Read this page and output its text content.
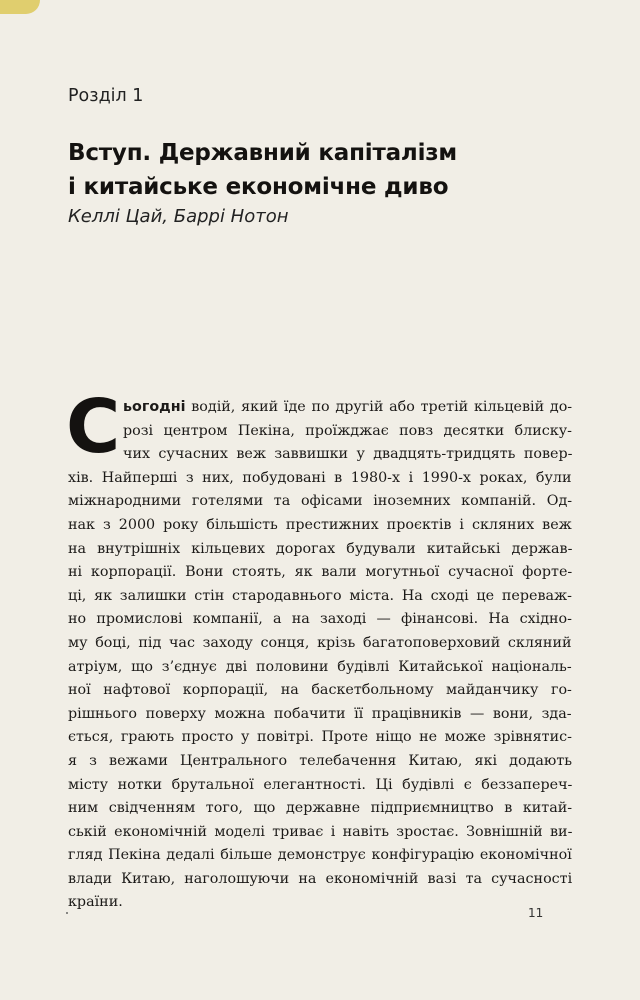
Розділ 1
Вступ. Державний капіталізм
і китайське економічне диво
Келлі Цай, Баррі Нотон
С ьогодні водій, який їде по другій або третій кільцевій до-
розі центром Пекіна, проїжджає повз десятки блиску-
чих сучасних веж заввишки у двадцять-тридцять повер-
хів. Найперші з них, побудовані в 1980-х і 1990-х роках, були
міжнародними готелями та офісами іноземних компаній. Од-
нак з 2000 року більшість престижних проєктів і скляних веж
на внутрішніх кільцевих дорогах будували китайські держав-
ні корпорації. Вони стоять, як вали могутньої сучасної форте-
ці, як залишки стін стародавнього міста. На сході це переваж-
но промислові компанії, а на заході — фінансові. На східно-
му боці, під час заходу сонця, крізь багатоповерховий скляний
атріум, що з’єднує дві половини будівлі Китайської національ-
ної нафтової корпорації, на баскетбольному майданчику го-
рішнього поверху можна побачити її працівників — вони, зда-
ється, грають просто у повітрі. Проте ніщо не може зрівнятис-
я з вежами Центрального телебачення Китаю, які додають
місту нотки брутальної елегантності. Ці будівлі є беззапереч-
ним свідченням того, що державне підприємництво в китай-
ській економічній моделі триває і навіть зростає. Зовнішній ви-
гляд Пекіна дедалі більше демонструє конфігурацію економічної
влади Китаю, наголошуючи на економічній вазі та сучасності
країни.
11
